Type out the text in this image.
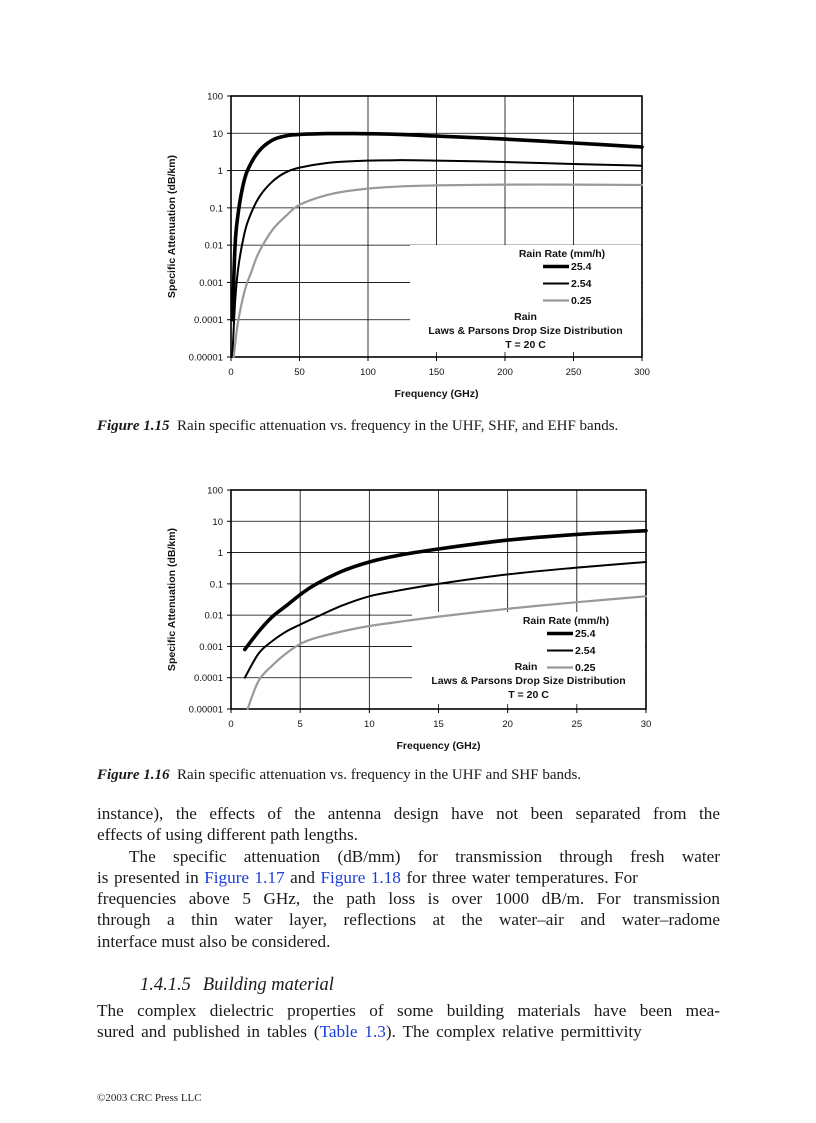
0.00001
0.0001
0.001
0.01
0.1
1
10
100
0	50	100	150	200	250	300
Frequency (GHz)
Specific Attenuation (dB/km)	Rain Rate (mm/h)
25.4
2.54
0.25
Rain
Laws & Parsons Drop Size Distribution
T = 20 C
Figure 1.15 Rain specific attenuation vs. frequency in the UHF, SHF, and EHF bands.
0.00001
0.0001
0.001
0.01
0.1
1
10
100
0	5	10	15	20	25	30
Frequency (GHz)
Specific Attenuation (dB/km)	Rain Rate (mm/h)
25.4
2.54
0.25
Rain
Laws & Parsons Drop Size Distribution
T = 20 C
Figure 1.16 Rain specific attenuation vs. frequency in the UHF and SHF bands.
instance), the effects of the antenna design have not been separated from the
effects of using different path lengths.
The specific attenuation (dB/mm) for transmission through fresh water
is presented in Figure 1.17 and Figure 1.18 for three water temperatures. For
frequencies above 5 GHz, the path loss is over 1000 dB/m. For transmission
through a thin water layer, reflections at the water–air and water–radome
interface must also be considered.
1.4.1.5 Building material
The complex dielectric properties of some building materials have been mea-
sured and published in tables (Table 1.3). The complex relative permittivity
©2003 CRC Press LLC
